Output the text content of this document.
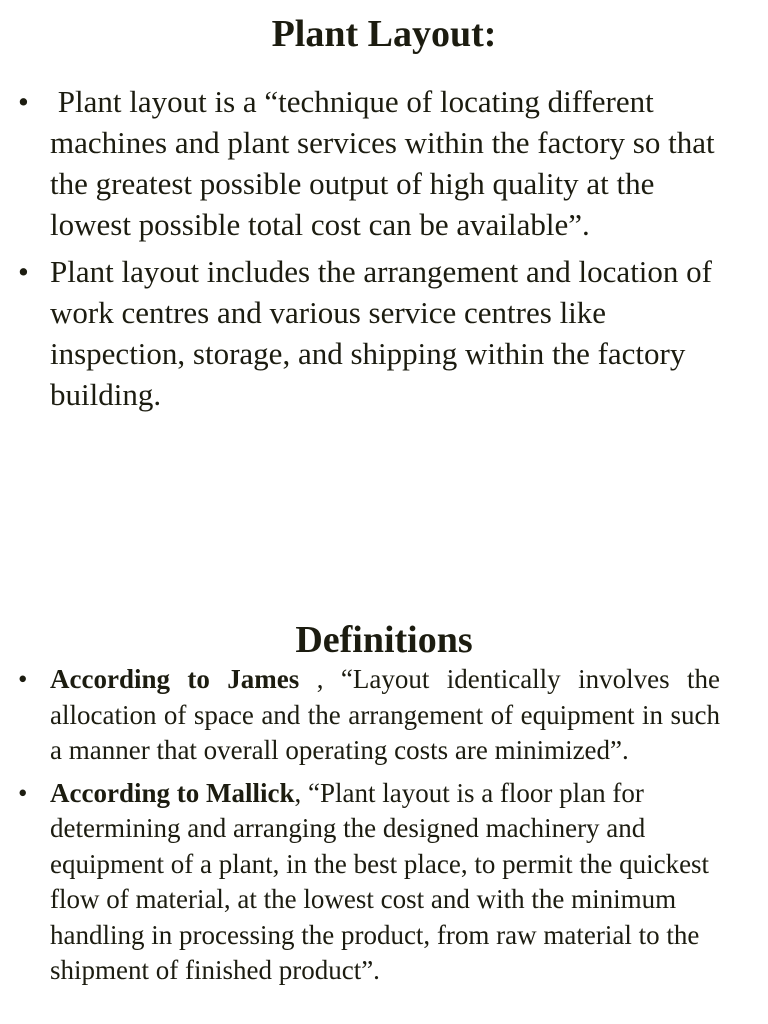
Plant Layout:
• Plant layout is a “technique of locating different machines and plant services within the factory so that the greatest possible output of high quality at the lowest possible total cost can be available”.
• Plant layout includes the arrangement and location of work centres and various service centres like inspection, storage, and shipping within the factory building.
Definitions
• According to James , “Layout identically involves the allocation of space and the arrangement of equipment in such a manner that overall operating costs are minimized”.
• According to Mallick, “Plant layout is a floor plan for determining and arranging the designed machinery and equipment of a plant, in the best place, to permit the quickest flow of material, at the lowest cost and with the minimum handling in processing the product, from raw material to the shipment of finished product”.
